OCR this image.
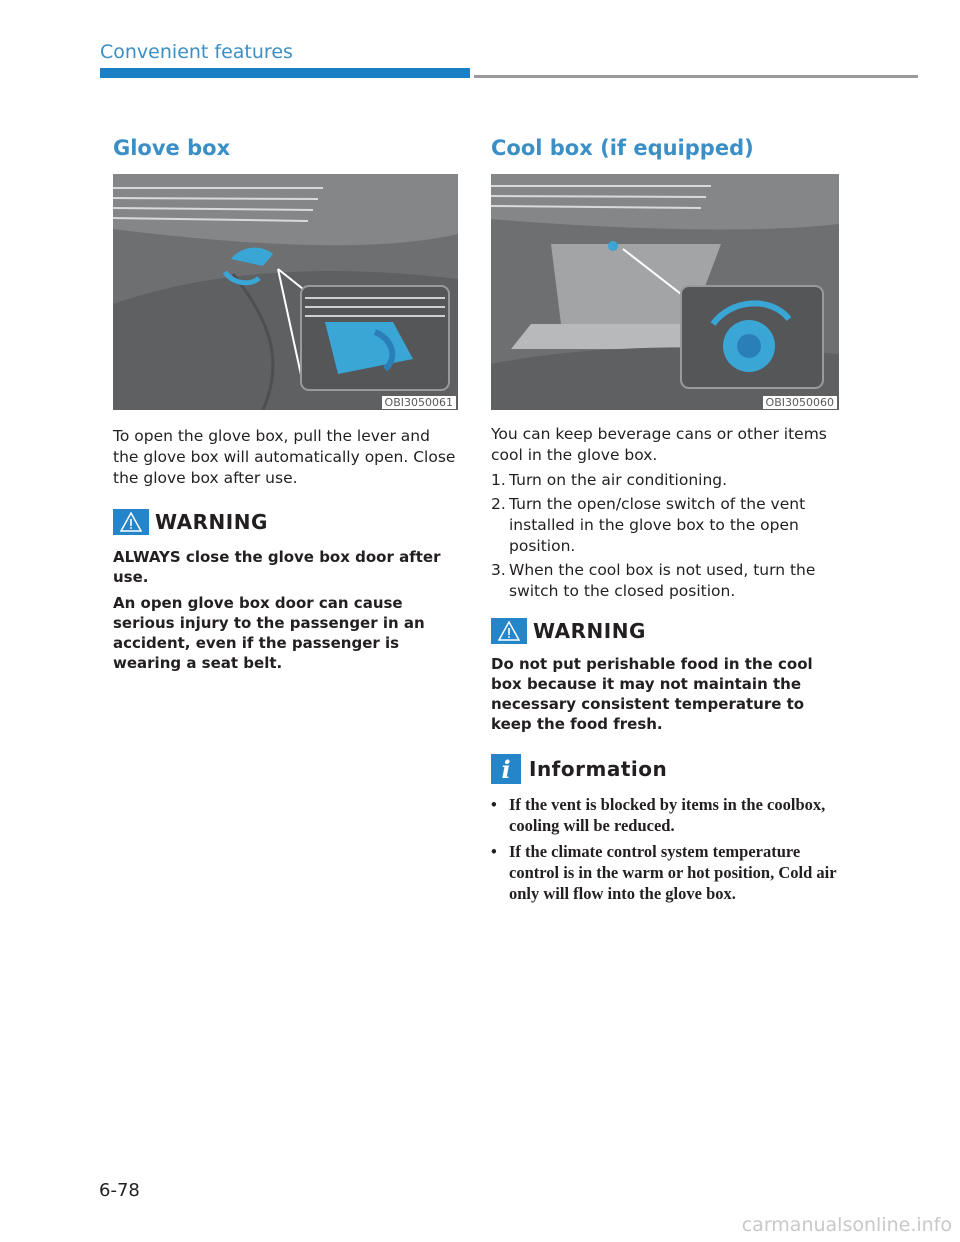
Convenient features
Glove box
OBI3050061

To open the glove box, pull the lever and the glove box will automatically open. Close the glove box after use.

WARNING

ALWAYS close the glove box door after use.

An open glove box door can cause serious injury to the passenger in an accident, even if the passenger is wearing a seat belt.

Cool box (if equipped)
OBI3050060

You can keep beverage cans or other items cool in the glove box.

1. Turn on the air conditioning.
2. Turn the open/close switch of the vent installed in the glove box to the open position.
3. When the cool box is not used, turn the switch to the closed position.
WARNING

Do not put perishable food in the cool box because it may not maintain the necessary consistent temperature to keep the food fresh.

i Information
• If the vent is blocked by items in the coolbox, cooling will be reduced.
• If the climate control system temperature control is in the warm or hot position, Cold air only will flow into the glove box.
6-78
carmanualsonline.info
